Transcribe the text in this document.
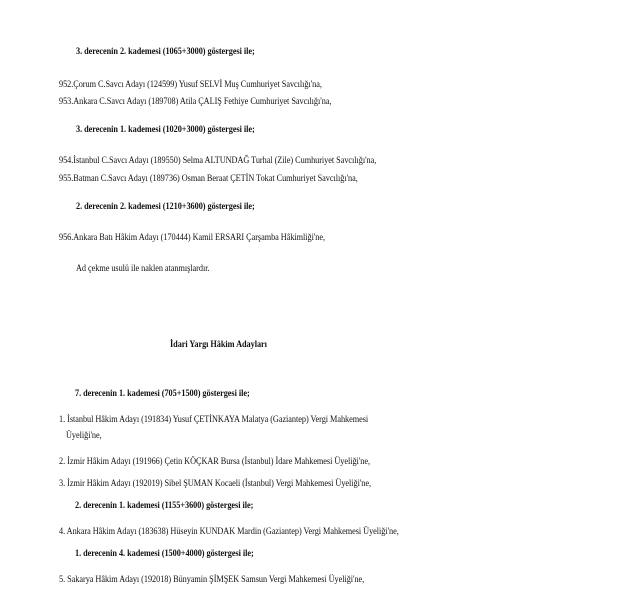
3. derecenin 2. kademesi (1065+3000) göstergesi ile;
952.Çorum C.Savcı Adayı (124599) Yusuf SELVİ Muş Cumhuriyet Savcılığı'na,
953.Ankara C.Savcı Adayı (189708) Atila ÇALIŞ Fethiye Cumhuriyet Savcılığı'na,
3. derecenin 1. kademesi (1020+3000) göstergesi ile;
954.İstanbul C.Savcı Adayı (189550) Selma ALTUNDAĞ Turhal (Zile) Cumhuriyet Savcılığı'na,
955.Batman C.Savcı Adayı (189736) Osman Beraat ÇETİN Tokat Cumhuriyet Savcılığı'na,
2. derecenin 2. kademesi (1210+3600) göstergesi ile;
956.Ankara Batı Hâkim Adayı (170444) Kamil ERSARI Çarşamba Hâkimliği'ne,
Ad çekme usulü ile naklen atanmışlardır.
İdari Yargı Hâkim Adayları
7. derecenin 1. kademesi (705+1500) göstergesi ile;
1. İstanbul Hâkim Adayı (191834) Yusuf ÇETİNKAYA Malatya (Gaziantep) Vergi Mahkemesi
Üyeliği'ne,
2. İzmir Hâkim Adayı (191966) Çetin KÖÇKAR Bursa (İstanbul) İdare Mahkemesi Üyeliği'ne,
3. İzmir Hâkim Adayı (192019) Sibel ŞUMAN Kocaeli (İstanbul) Vergi Mahkemesi Üyeliği'ne,
2. derecenin 1. kademesi (1155+3600) göstergesi ile;
4. Ankara Hâkim Adayı (183638) Hüseyin KUNDAK Mardin (Gaziantep) Vergi Mahkemesi Üyeliği'ne,
1. derecenin 4. kademesi (1500+4000) göstergesi ile;
5. Sakarya Hâkim Adayı (192018) Bünyamin ŞİMŞEK Samsun Vergi Mahkemesi Üyeliği'ne,
